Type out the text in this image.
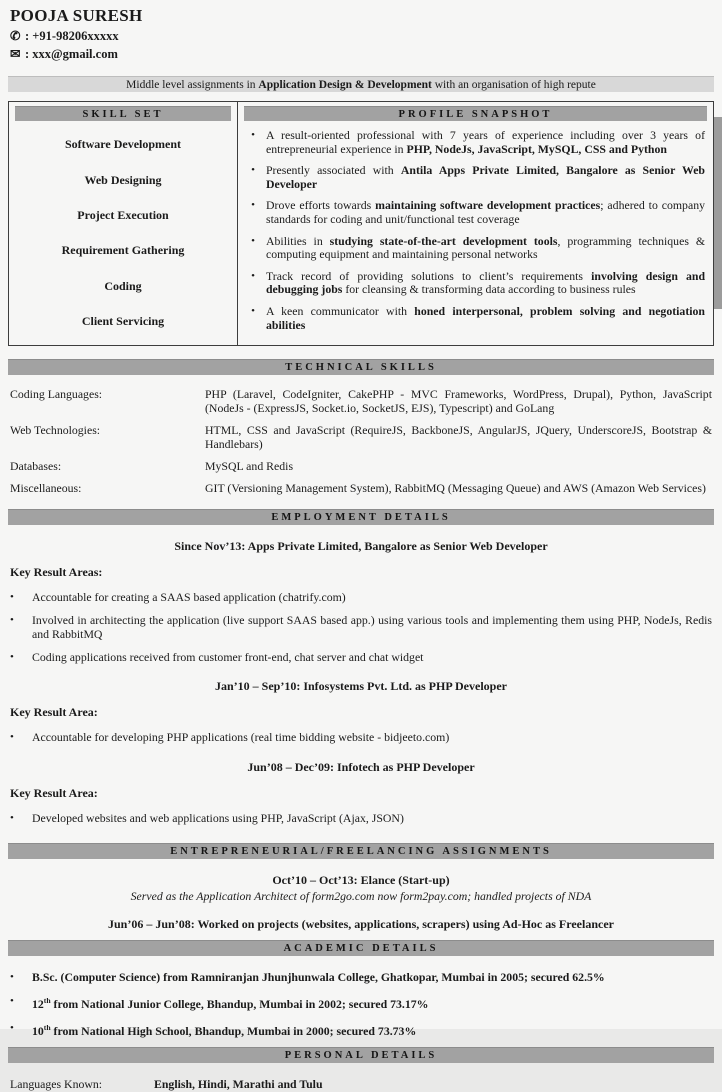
POOJA SURESH
✆ : +91-98206xxxxx
✉ : xxx@gmail.com
Middle level assignments in Application Design & Development with an organisation of high repute
SKILL SET
Software Development
Web Designing
Project Execution
Requirement Gathering
Coding
Client Servicing
PROFILE SNAPSHOT
• A result-oriented professional with 7 years of experience including over 3 years of entrepreneurial experience in PHP, NodeJs, JavaScript, MySQL, CSS and Python
• Presently associated with Antila Apps Private Limited, Bangalore as Senior Web Developer
• Drove efforts towards maintaining software development practices; adhered to company standards for coding and unit/functional test coverage
• Abilities in studying state-of-the-art development tools, programming techniques & computing equipment and maintaining personal networks
• Track record of providing solutions to client’s requirements involving design and debugging jobs for cleansing & transforming data according to business rules
• A keen communicator with honed interpersonal, problem solving and negotiation abilities
TECHNICAL SKILLS
Coding Languages:	PHP (Laravel, CodeIgniter, CakePHP - MVC Frameworks, WordPress, Drupal), Python, JavaScript (NodeJs - (ExpressJS, Socket.io, SocketJS, EJS), Typescript) and GoLang
Web Technologies:	HTML, CSS and JavaScript (RequireJS, BackboneJS, AngularJS, JQuery, UnderscoreJS, Bootstrap & Handlebars)
Databases:	MySQL and Redis
Miscellaneous:	GIT (Versioning Management System), RabbitMQ (Messaging Queue) and AWS (Amazon Web Services)
EMPLOYMENT DETAILS
Since Nov’13: Apps Private Limited, Bangalore as Senior Web Developer
Key Result Areas:
•	Accountable for creating a SAAS based application (chatrify.com)
•	Involved in architecting the application (live support SAAS based app.) using various tools and implementing them using PHP, NodeJs, Redis and RabbitMQ
•	Coding applications received from customer front-end, chat server and chat widget
Jan’10 – Sep’10: Infosystems Pvt. Ltd. as PHP Developer
Key Result Area:
•	Accountable for developing PHP applications (real time bidding website - bidjeeto.com)
Jun’08 – Dec’09: Infotech as PHP Developer
Key Result Area:
•	Developed websites and web applications using PHP, JavaScript (Ajax, JSON)
ENTREPRENEURIAL/FREELANCING ASSIGNMENTS
Oct’10 – Oct’13: Elance (Start-up)
Served as the Application Architect of form2go.com now form2pay.com; handled projects of NDA
Jun’06 – Jun’08: Worked on projects (websites, applications, scrapers) using Ad-Hoc as Freelancer
ACADEMIC DETAILS
•	B.Sc. (Computer Science) from Ramniranjan Jhunjhunwala College, Ghatkopar, Mumbai in 2005; secured 62.5%
•	12th from National Junior College, Bhandup, Mumbai in 2002; secured 73.17%
•	10th from National High School, Bhandup, Mumbai in 2000; secured 73.73%
PERSONAL DETAILS
Languages Known:	English, Hindi, Marathi and Tulu
